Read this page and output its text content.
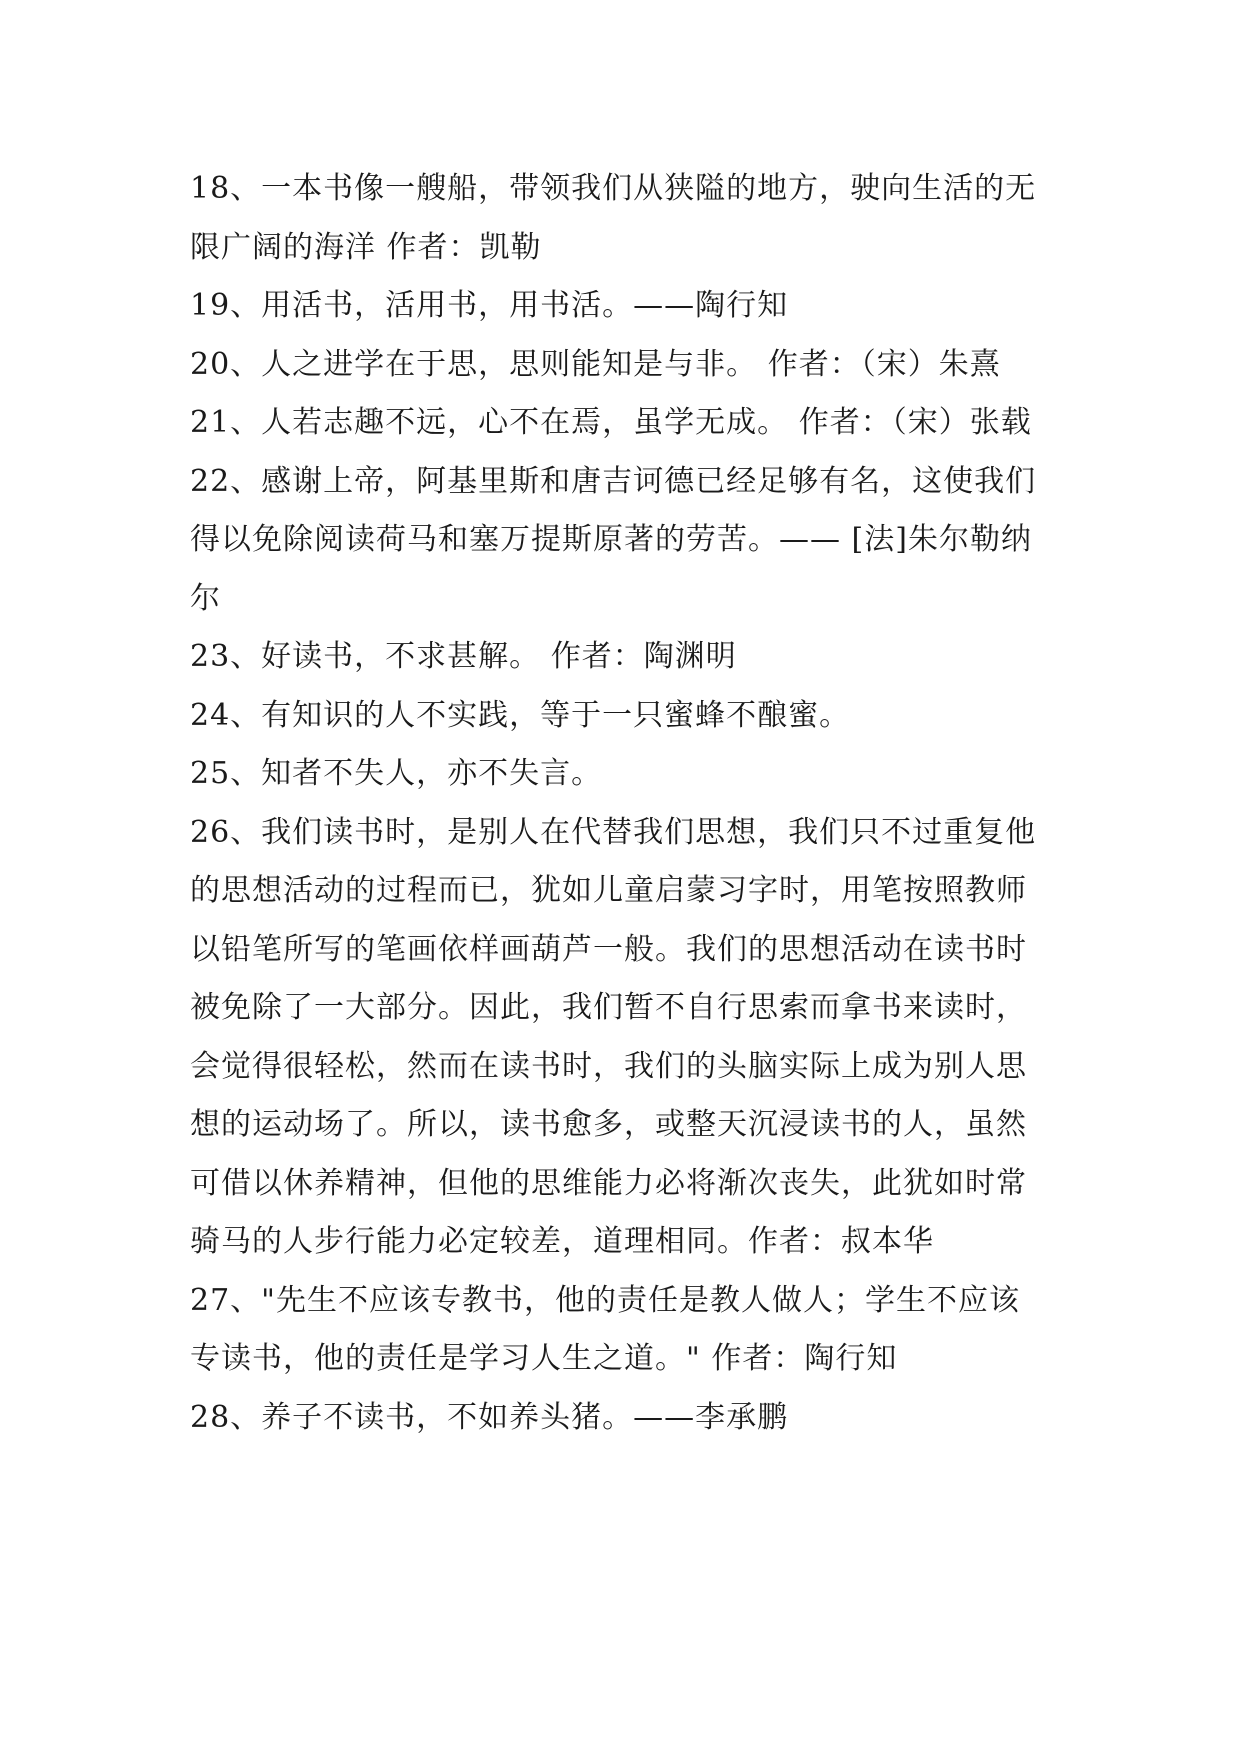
18、一本书像一艘船，带领我们从狭隘的地方，驶向生活的无限广阔的海洋 作者：凯勒

19、用活书，活用书，用书活。——陶行知

20、人之进学在于思，思则能知是与非。 作者：（宋）朱熹

21、人若志趣不远，心不在焉，虽学无成。 作者：（宋）张载

22、感谢上帝，阿基里斯和唐吉诃德已经足够有名，这使我们得以免除阅读荷马和塞万提斯原著的劳苦。—— [法]朱尔勒纳尔

23、好读书，不求甚解。 作者：陶渊明

24、有知识的人不实践，等于一只蜜蜂不酿蜜。

25、知者不失人，亦不失言。

26、我们读书时，是别人在代替我们思想，我们只不过重复他的思想活动的过程而已，犹如儿童启蒙习字时，用笔按照教师以铅笔所写的笔画依样画葫芦一般。我们的思想活动在读书时被免除了一大部分。因此，我们暂不自行思索而拿书来读时，会觉得很轻松，然而在读书时，我们的头脑实际上成为别人思想的运动场了。所以，读书愈多，或整天沉浸读书的人，虽然可借以休养精神，但他的思维能力必将渐次丧失，此犹如时常骑马的人步行能力必定较差，道理相同。作者：叔本华

27、"先生不应该专教书，他的责任是教人做人；学生不应该专读书，他的责任是学习人生之道。" 作者：陶行知

28、养子不读书，不如养头猪。——李承鹏
